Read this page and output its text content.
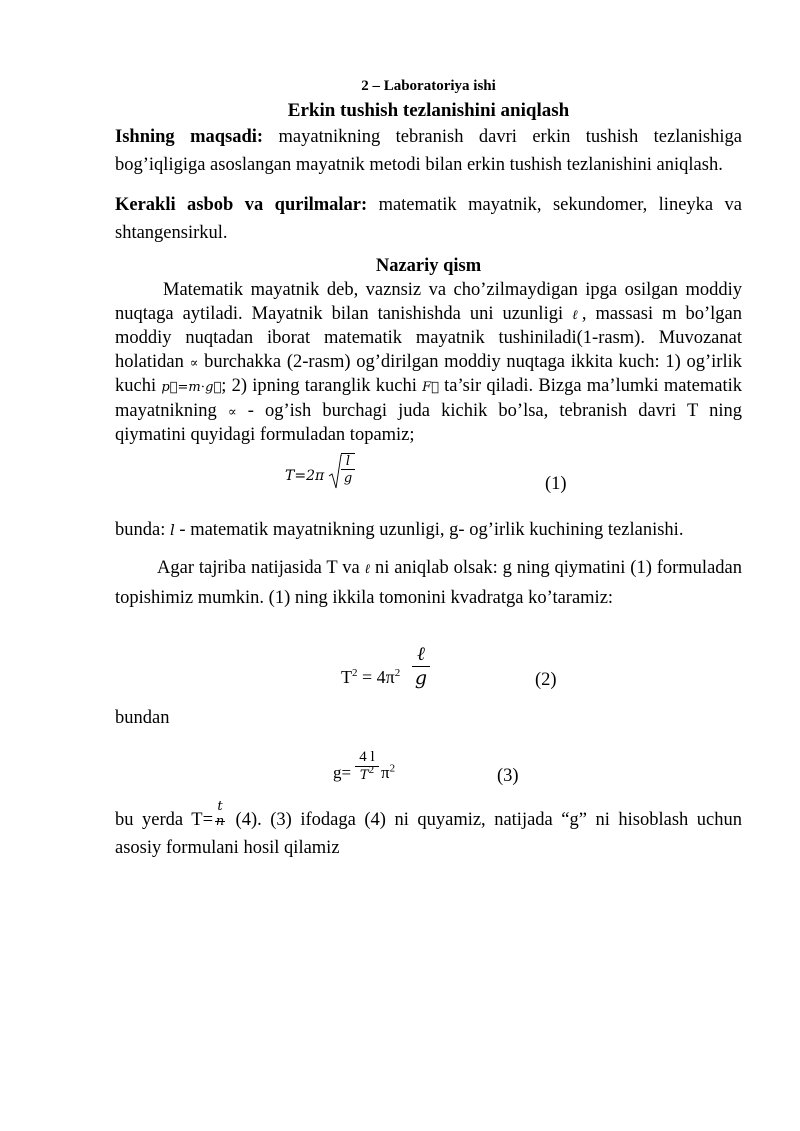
2 – Laboratoriya ishi

Erkin tushish tezlanishini aniqlash

Ishning maqsadi: mayatnikning tebranish davri erkin tushish tezlanishiga bog’iqligiga asoslangan mayatnik metodi bilan erkin tushish tezlanishini aniqlash.

Kerakli asbob va qurilmalar: matematik mayatnik, sekundomer, lineyka va shtangensirkul.

Nazariy qism

Matematik mayatnik deb, vaznsiz va cho’zilmaydigan ipga osilgan moddiy nuqtaga aytiladi. Mayatnik bilan tanishishda uni uzunligi ℓ, massasi m bo’lgan moddiy nuqtadan iborat matematik mayatnik tushiniladi(1-rasm). Muvozanat holatidan ∝ burchakka (2-rasm) og’dirilgan moddiy nuqtaga ikkita kuch: 1) og’irlik kuchi p⃗=m⋅g⃗; 2) ipning taranglik kuchi F⃗ ta’sir qiladi. Bizga ma’lumki matematik mayatnikning ∝ - og’ish burchagi juda kichik bo’lsa, tebranish davri T ning qiymatini quyidagi formuladan topamiz;

$T=2\pi \frac{l}{g}$	(1)

bunda: l - matematik mayatnikning uzunligi, g- og’irlik kuchining tezlanishi.

Agar tajriba natijasida T va ℓ ni aniqlab olsak: g ning qiymatini (1) formuladan topishimiz mumkin. (1) ning ikkila tomonini kvadratga ko’taramiz:

$T^2 = 4\pi^2$
ℓ
g	(2)

bundan

$g= \frac{4 l}{T^2} \pi^2$	(3)

bu yerda T=
t
n (4). (3) ifodaga (4) ni quyamiz, natijada “g” ni hisoblash uchun asosiy formulani hosil qilamiz
